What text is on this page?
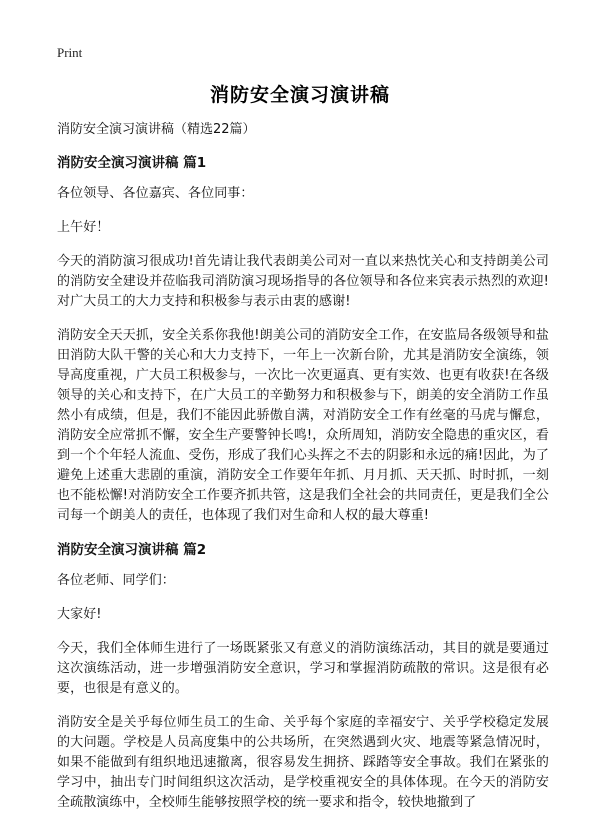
Print
消防安全演习演讲稿

消防安全演习演讲稿（精选22篇）

消防安全演习演讲稿 篇1

各位领导、各位嘉宾、各位同事：

上午好！

今天的消防演习很成功!首先请让我代表朗美公司对一直以来热忱关心和支持朗美公司的消防安全建设并莅临我司消防演习现场指导的各位领导和各位来宾表示热烈的欢迎!对广大员工的大力支持和积极参与表示由衷的感谢!

消防安全天天抓，安全关系你我他!朗美公司的消防安全工作，在安监局各级领导和盐田消防大队干警的关心和大力支持下，一年上一次新台阶，尤其是消防安全演练，领导高度重视，广大员工积极参与，一次比一次更逼真、更有实效、也更有收获!在各级领导的关心和支持下，在广大员工的辛勤努力和积极参与下，朗美的安全消防工作虽然小有成绩，但是，我们不能因此骄傲自满，对消防安全工作有丝毫的马虎与懈怠，消防安全应常抓不懈，安全生产要警钟长鸣!，众所周知，消防安全隐患的重灾区，看到一个个年轻人流血、受伤，形成了我们心头挥之不去的阴影和永远的痛!因此，为了避免上述重大悲剧的重演，消防安全工作要年年抓、月月抓、天天抓、时时抓，一刻也不能松懈!对消防安全工作要齐抓共管，这是我们全社会的共同责任，更是我们全公司每一个朗美人的责任，也体现了我们对生命和人权的最大尊重!

消防安全演习演讲稿 篇2

各位老师、同学们：

大家好!

今天，我们全体师生进行了一场既紧张又有意义的消防演练活动，其目的就是要通过这次演练活动，进一步增强消防安全意识，学习和掌握消防疏散的常识。这是很有必要，也很是有意义的。

消防安全是关乎每位师生员工的生命、关乎每个家庭的幸福安宁、关乎学校稳定发展的大问题。学校是人员高度集中的公共场所，在突然遇到火灾、地震等紧急情况时，如果不能做到有组织地迅速撤离，很容易发生拥挤、踩踏等安全事故。我们在紧张的学习中，抽出专门时间组织这次活动，是学校重视安全的具体体现。在今天的消防安全疏散演练中，全校师生能够按照学校的统一要求和指令，较快地撤到了
